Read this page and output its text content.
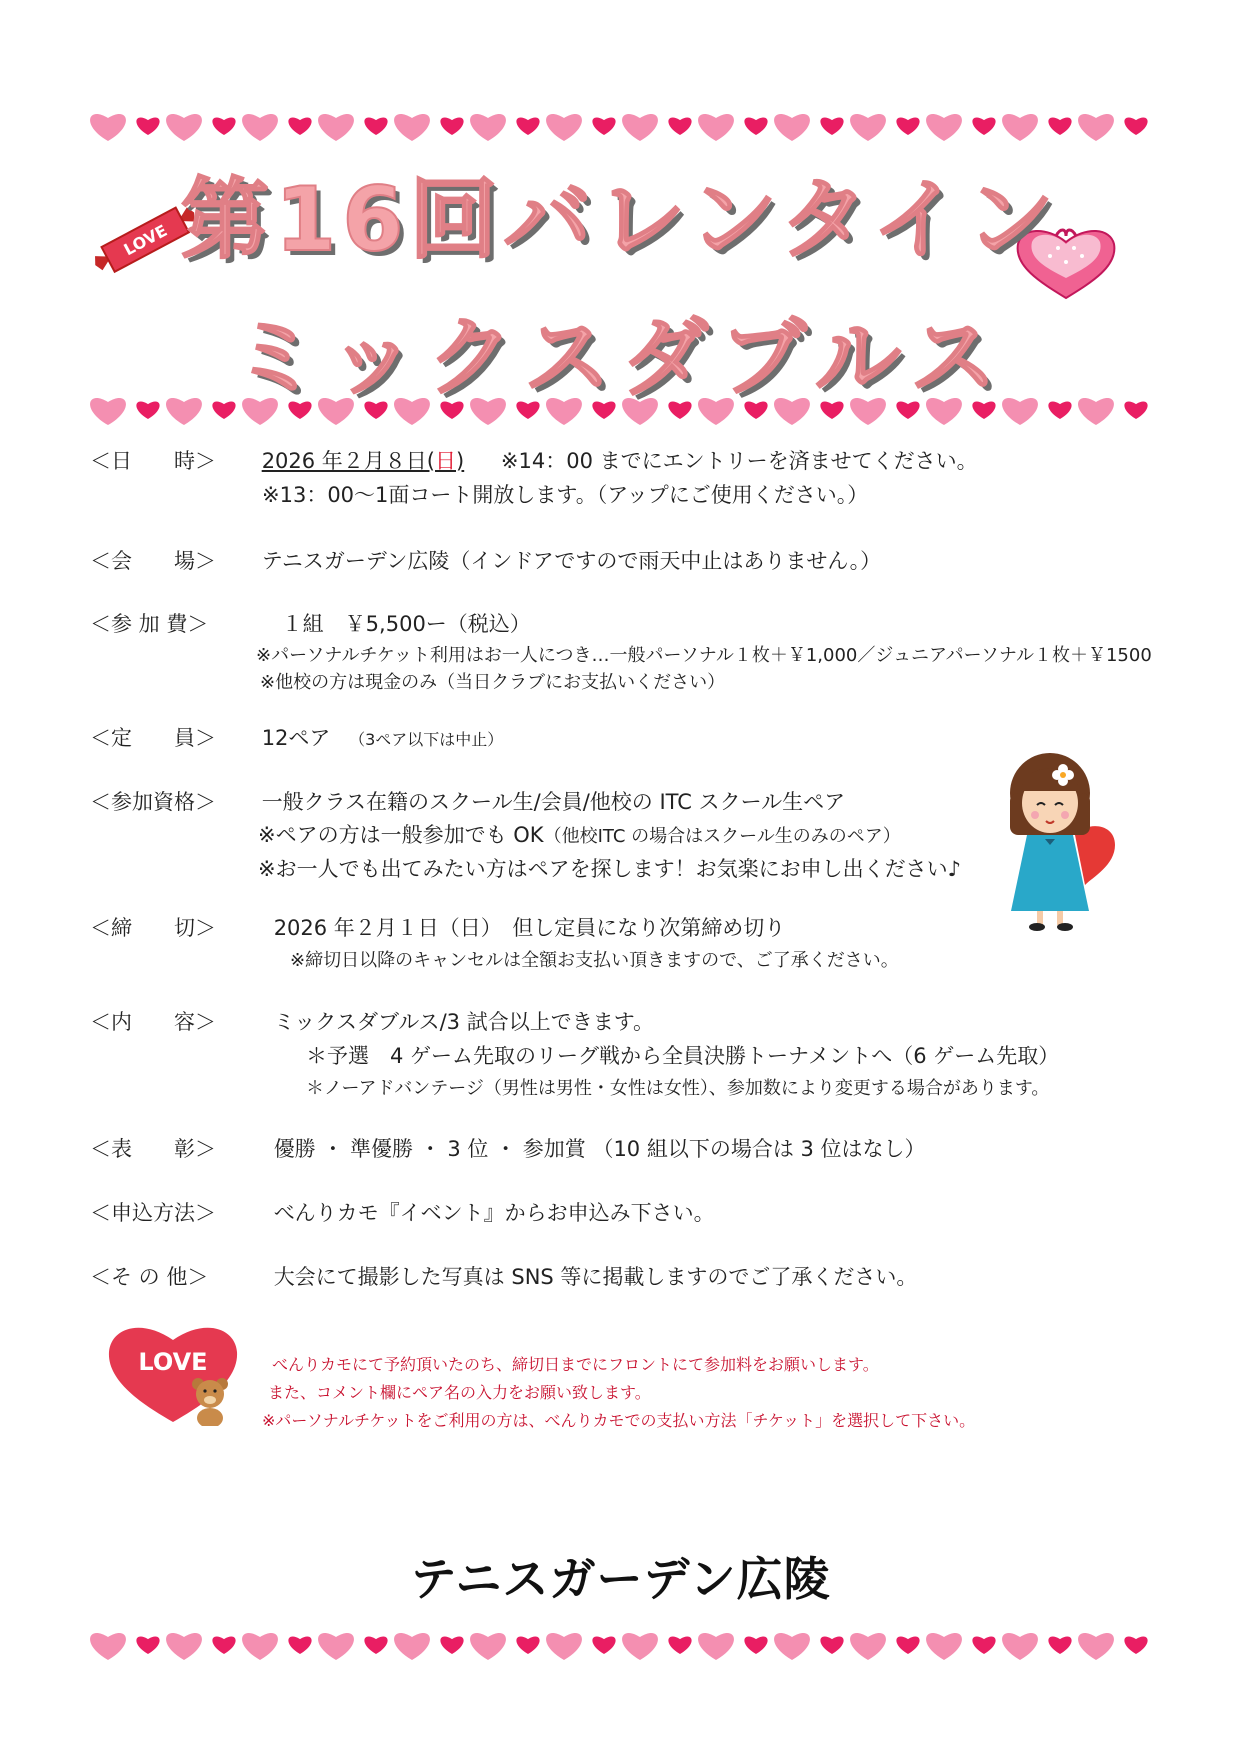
LOVE 第16回バレンタイン
ミックスダブルス
＜日　　時＞ 2026 年２月８日(日) ※14：00 までにエントリーを済ませてください。
※13：00〜1面コート開放します。（アップにご使用ください。）
＜会　　場＞ テニスガーデン広陵（インドアですので雨天中止はありません。）
＜参 加 費＞	１組　￥5,500ー（税込）
※パーソナルチケット利用はお一人につき…一般パーソナル１枚＋￥1,000／ジュニアパーソナル１枚＋￥1500
※他校の方は現金のみ（当日クラブにお支払いください）
＜定　　員＞ 12ペア （3ペア以下は中止）
＜参加資格＞ 一般クラス在籍のスクール生/会員/他校の ITC スクール生ペア
※ペアの方は一般参加でも OK（他校ITC の場合はスクール生のみのペア）
※お一人でも出てみたい方はペアを探します！お気楽にお申し出ください♪
＜締　　切＞	2026 年２月１日（日）　但し定員になり次第締め切り
※締切日以降のキャンセルは全額お支払い頂きますので、ご了承ください。
＜内　　容＞	ミックスダブルス/3 試合以上できます。
＊予選　4 ゲーム先取のリーグ戦から全員決勝トーナメントへ（6 ゲーム先取）
＊ノーアドバンテージ（男性は男性・女性は女性）、参加数により変更する場合があります。
＜表　　彰＞	優勝 ・ 準優勝 ・ 3 位 ・ 参加賞 （10 組以下の場合は 3 位はなし）
＜申込方法＞	べんりカモ『イベント』からお申込み下さい。
＜そ の 他＞	大会にて撮影した写真は SNS 等に掲載しますのでご了承ください。
LOVE	べんりカモにて予約頂いたのち、締切日までにフロントにて参加料をお願いします。
また、コメント欄にペア名の入力をお願い致します。
※パーソナルチケットをご利用の方は、べんりカモでの支払い方法「チケット」を選択して下さい。
テニスガーデン広陵
